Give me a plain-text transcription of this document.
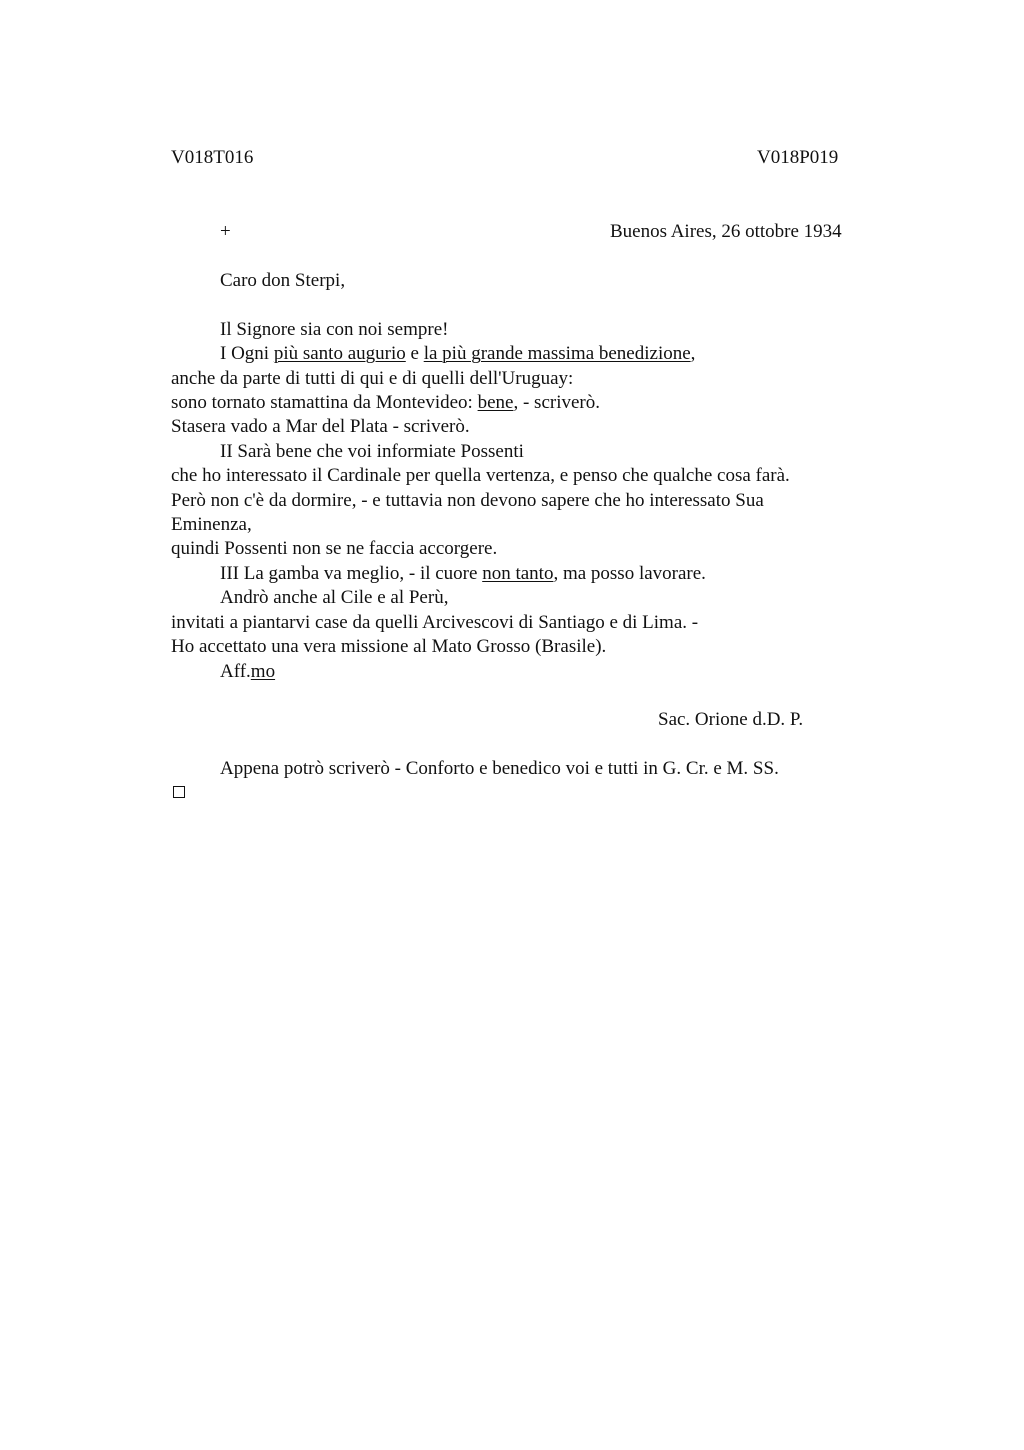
V018T016	V018P019
+	Buenos Aires, 26 ottobre 1934
Caro don Sterpi,
Il Signore sia con noi sempre!
I Ogni più santo augurio e la più grande massima benedizione,
anche da parte di tutti di qui e di quelli dell'Uruguay:
sono tornato stamattina da Montevideo: bene, - scriverò.
Stasera vado a Mar del Plata - scriverò.
II Sarà bene che voi informiate Possenti
che ho interessato il Cardinale per quella vertenza, e penso che qualche cosa farà.
Però non c'è da dormire, - e tuttavia non devono sapere che ho interessato Sua
Eminenza,
quindi Possenti non se ne faccia accorgere.
III La gamba va meglio, - il cuore non tanto, ma posso lavorare.
Andrò anche al Cile e al Perù,
invitati a piantarvi case da quelli Arcivescovi di Santiago e di Lima. -
Ho accettato una vera missione al Mato Grosso (Brasile).
Aff.mo
Sac. Orione d.D. P.
Appena potrò scriverò - Conforto e benedico voi e tutti in G. Cr. e M. SS.
